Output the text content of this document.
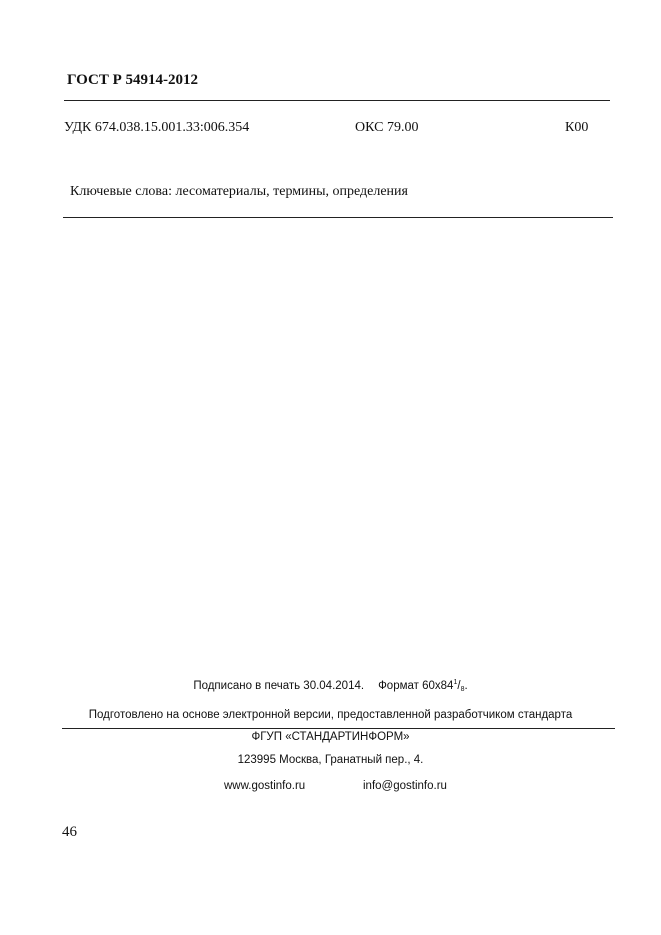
ГОСТ Р 54914-2012
УДК 674.038.15.001.33:006.354	ОКС 79.00	К00
Ключевые слова: лесоматериалы, термины, определения
Подписано в печать 30.04.2014. Формат $60х84^1/_8$.
Подготовлено на основе электронной версии, предоставленной разработчиком стандарта
ФГУП «СТАНДАРТИНФОРМ»
123995 Москва, Гранатный пер., 4.
www.gostinfo.ru	info@gostinfo.ru
46
